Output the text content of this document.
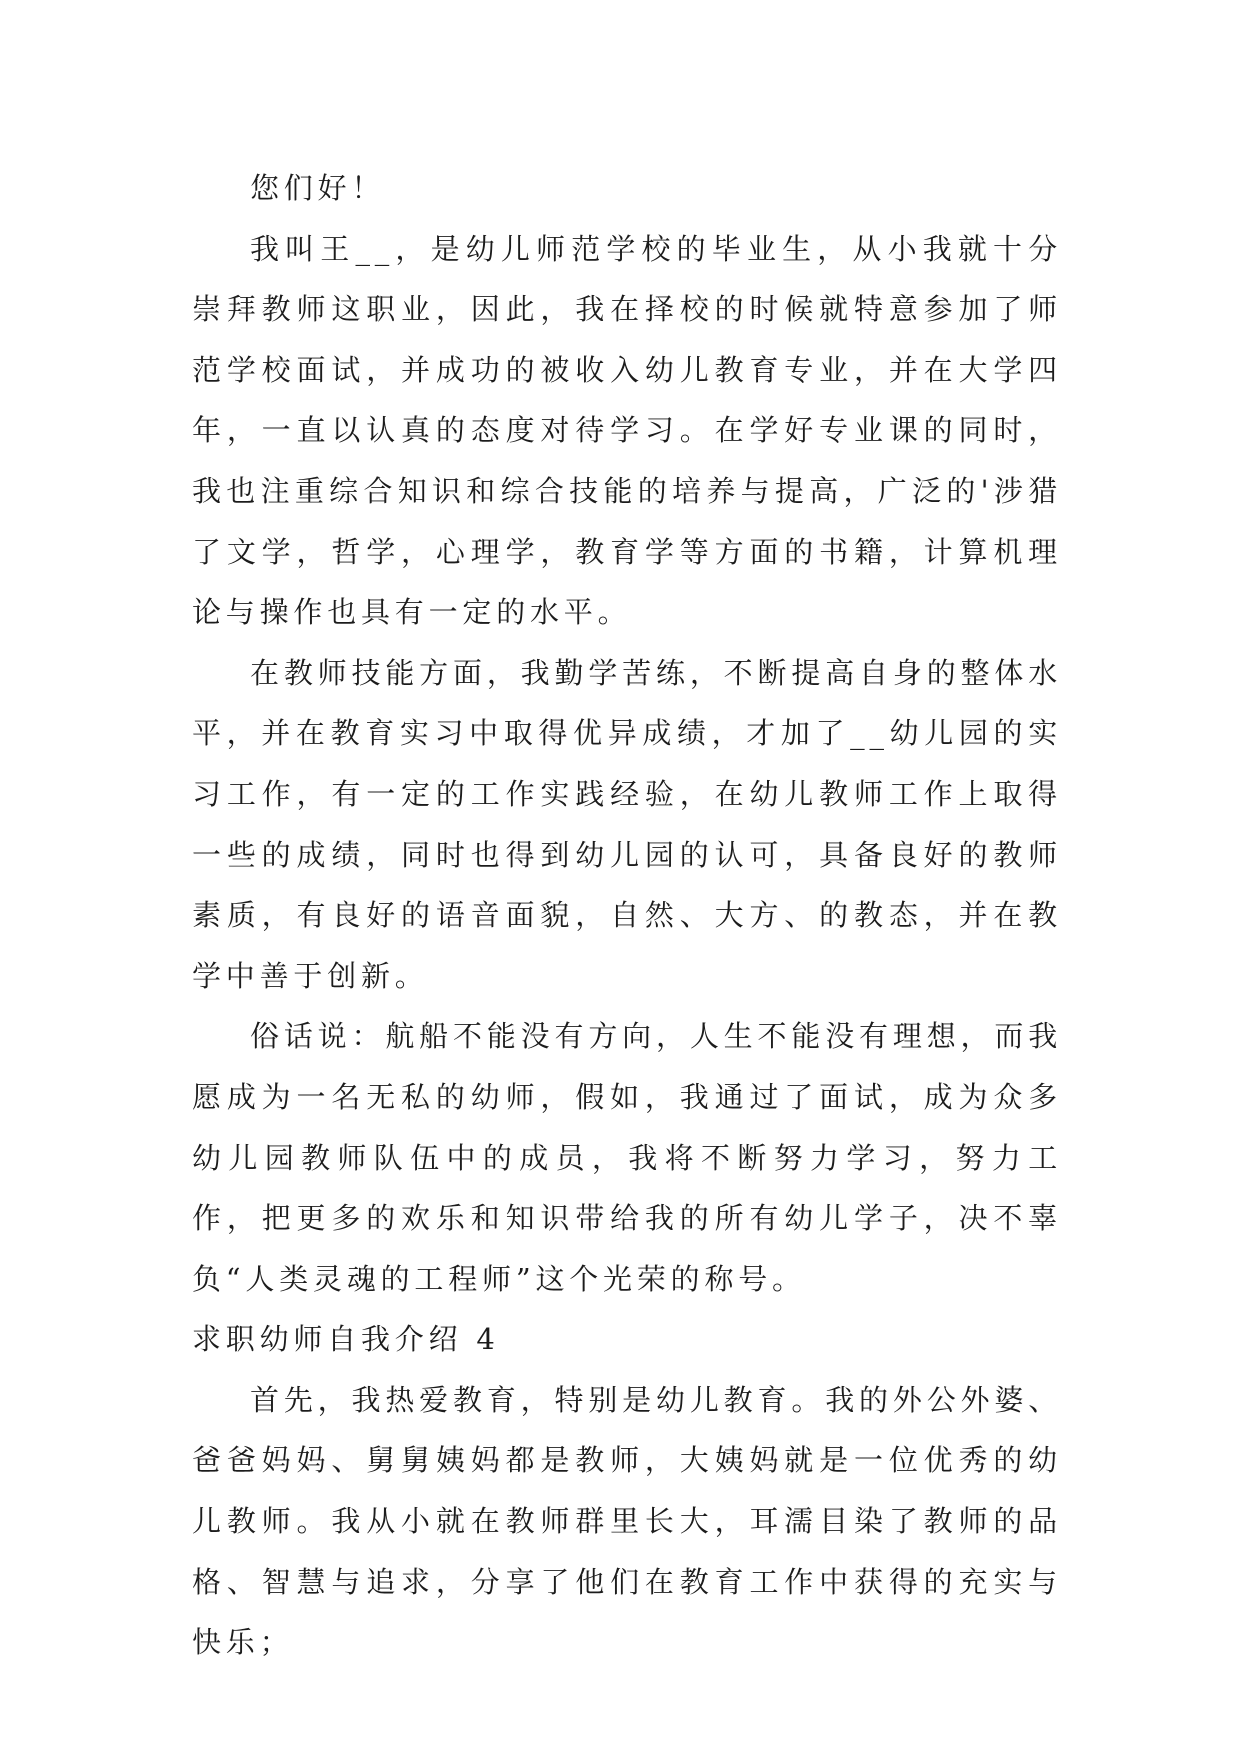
您们好！

我叫王__，是幼儿师范学校的毕业生，从小我就十分崇拜教师这职业，因此，我在择校的时候就特意参加了师范学校面试，并成功的被收入幼儿教育专业，并在大学四年，一直以认真的态度对待学习。在学好专业课的同时，我也注重综合知识和综合技能的培养与提高，广泛的'涉猎了文学，哲学，心理学，教育学等方面的书籍，计算机理论与操作也具有一定的水平。

在教师技能方面，我勤学苦练，不断提高自身的整体水平，并在教育实习中取得优异成绩，才加了__幼儿园的实习工作，有一定的工作实践经验，在幼儿教师工作上取得一些的成绩，同时也得到幼儿园的认可，具备良好的教师素质，有良好的语音面貌，自然、大方、的教态，并在教学中善于创新。

俗话说：航船不能没有方向，人生不能没有理想，而我愿成为一名无私的幼师，假如，我通过了面试，成为众多幼儿园教师队伍中的成员，我将不断努力学习，努力工作，把更多的欢乐和知识带给我的所有幼儿学子，决不辜负“人类灵魂的工程师”这个光荣的称号。

求职幼师自我介绍 4

首先，我热爱教育，特别是幼儿教育。我的外公外婆、爸爸妈妈、舅舅姨妈都是教师，大姨妈就是一位优秀的幼儿教师。我从小就在教师群里长大，耳濡目染了教师的品格、智慧与追求，分享了他们在教育工作中获得的充实与快乐；
